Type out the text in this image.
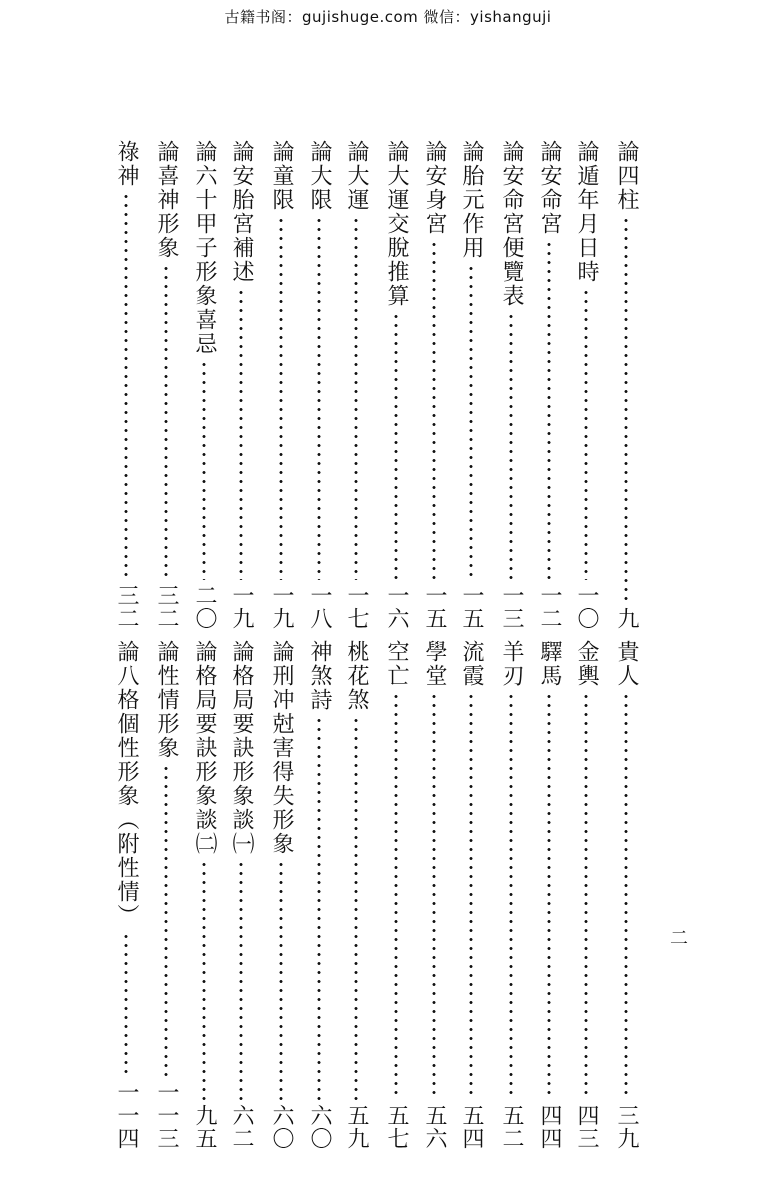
古籍书阁：gujishuge.com 微信：yishanguji
論四柱
九
論遁年月日時
一〇
論安命宮
一二
論安命宮便覽表
一三
論胎元作用
一五
論安身宮
一五
論大運交脫推算
一六
論大運
一七
論大限
一八
論童限
一九
論安胎宮補述
一九
論六十甲子形象喜忌
二〇
論喜神形象
三二
祿神
三二
貴人
三九
金輿
四三
驛馬
四四
羊刃
五二
流霞
五四
學堂
五六
空亡
五七
桃花煞
五九
神煞詩
六〇
論刑冲尅害得失形象
六〇
論格局要訣形象談㈠
六二
論格局要訣形象談㈡
九五
論性情形象
一一三
論八格個性形象（附性情）
一一四
二
